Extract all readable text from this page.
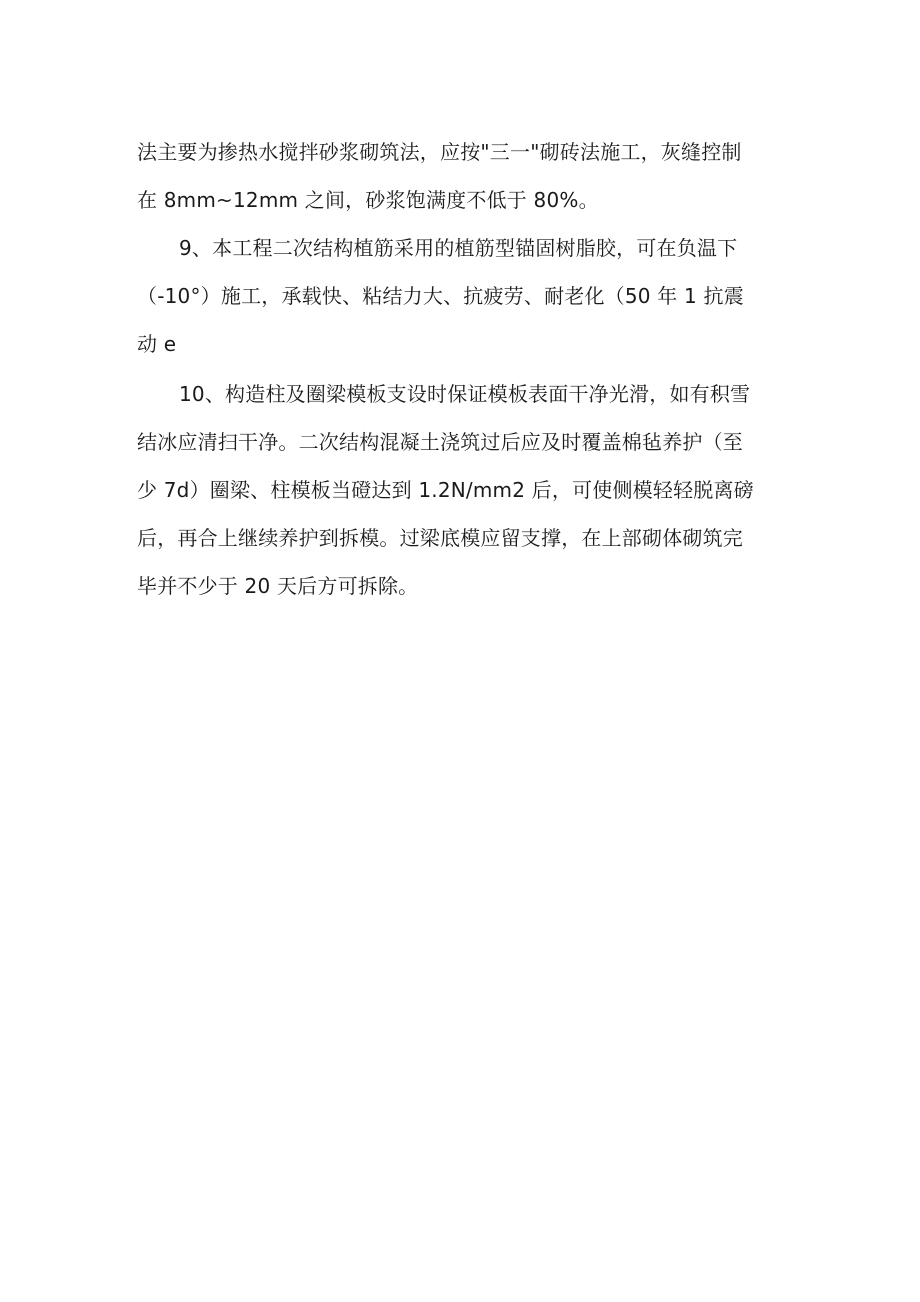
法主要为掺热水搅拌砂浆砌筑法，应按"三一"砌砖法施工，灰缝控制
在 8mm~12mm 之间，砂浆饱满度不低于 80%。
9、本工程二次结构植筋采用的植筋型锚固树脂胶，可在负温下
（-10°）施工，承载快、粘结力大、抗疲劳、耐老化（50 年 1 抗震
动 e
10、构造柱及圈梁模板支设时保证模板表面干净光滑，如有积雪
结冰应清扫干净。二次结构混凝土浇筑过后应及时覆盖棉毡养护（至
少 7d）圈梁、柱模板当磴达到 1.2N/mm2 后，可使侧模轻轻脱离磅
后，再合上继续养护到拆模。过梁底模应留支撑，在上部砌体砌筑完
毕并不少于 20 天后方可拆除。
